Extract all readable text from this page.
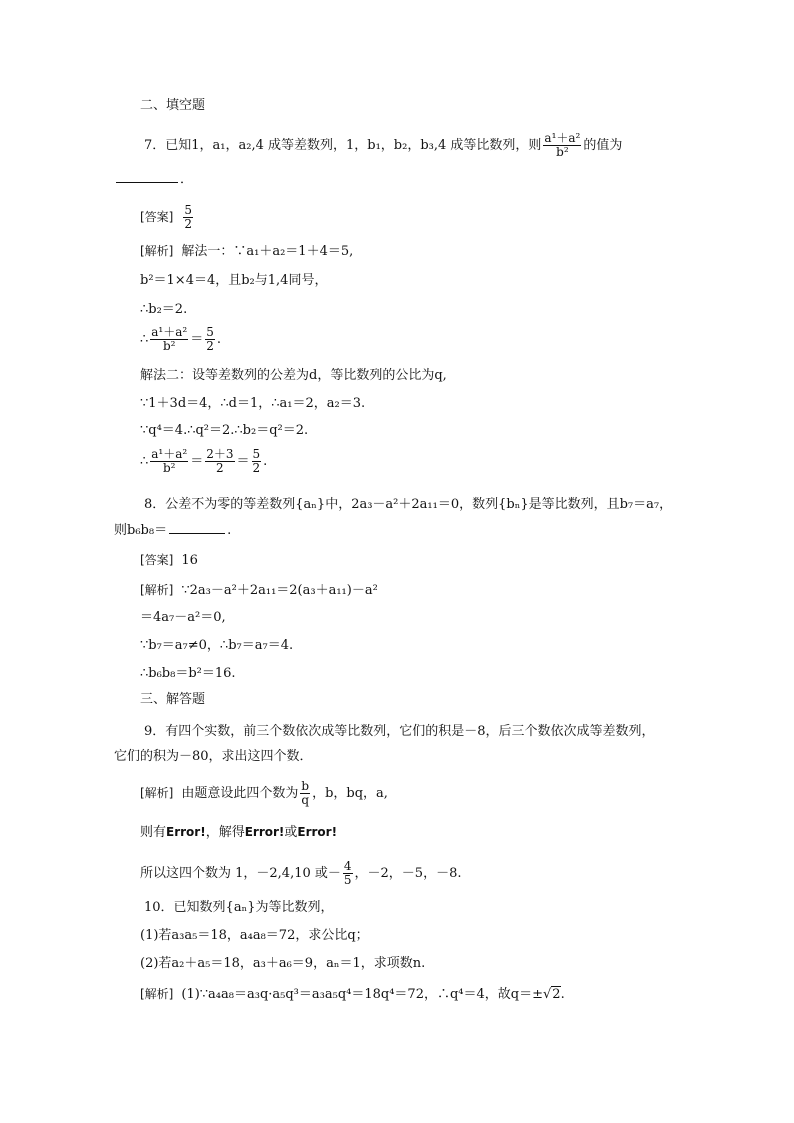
二、填空题
7．已知1，a₁，a₂,4 成等差数列，1，b₁，b₂，b₃,4 成等比数列，则 $\frac{\text{a¹＋a²}}{\text{b²}}$ 的值为
．
[答案] $\frac{5}{2}$
[解析] 解法一：∵a₁＋a₂＝1＋4＝5,
b²＝1×4＝4，且b₂与1,4同号，
∴b₂＝2.
∴ $\frac{\text{a¹＋a²}}{\text{b²}} = \frac{5}{2}$ .
解法二：设等差数列的公差为d，等比数列的公比为q,
∵1＋3d＝4，∴d＝1，∴a₁＝2，a₂＝3.
∵q⁴＝4.∴q²＝2.∴b₂＝q²＝2.
∴ $\frac{\text{a¹＋a²}}{\text{b²}} = \frac{2+3}{2} = \frac{5}{2}$ .
8．公差不为零的等差数列{aₙ}中，2a₃－a²＋2a₁₁＝0，数列{bₙ}是等比数列，且b₇＝a₇，
则b₆b₈＝	.
[答案] 16
[解析] ∵2a₃－a²＋2a₁₁＝2(a₃＋a₁₁)－a²
＝4a₇－a²＝0,
∵b₇＝a₇≠0，∴b₇＝a₇＝4.
∴b₆b₈＝b²＝16.
三、解答题
9．有四个实数，前三个数依次成等比数列，它们的积是－8，后三个数依次成等差数列，
它们的积为－80，求出这四个数．
[解析] 由题意设此四个数为 $\frac{b}{q}$ ，b，bq，a,
则有Error!，解得Error!或Error!
所以这四个数为 1，－2,4,10 或－ $\frac{4}{5}$ ，－2，－5，－8.
10．已知数列{aₙ}为等比数列，
(1)若a₃a₅＝18，a₄a₈＝72，求公比q；
(2)若a₂＋a₅＝18，a₃＋a₆＝9，aₙ＝1，求项数n.
[解析] (1)∵a₄a₈＝a₃q·a₅q³＝a₃a₅q⁴＝18q⁴＝72，∴q⁴＝4，故q＝±√2.
